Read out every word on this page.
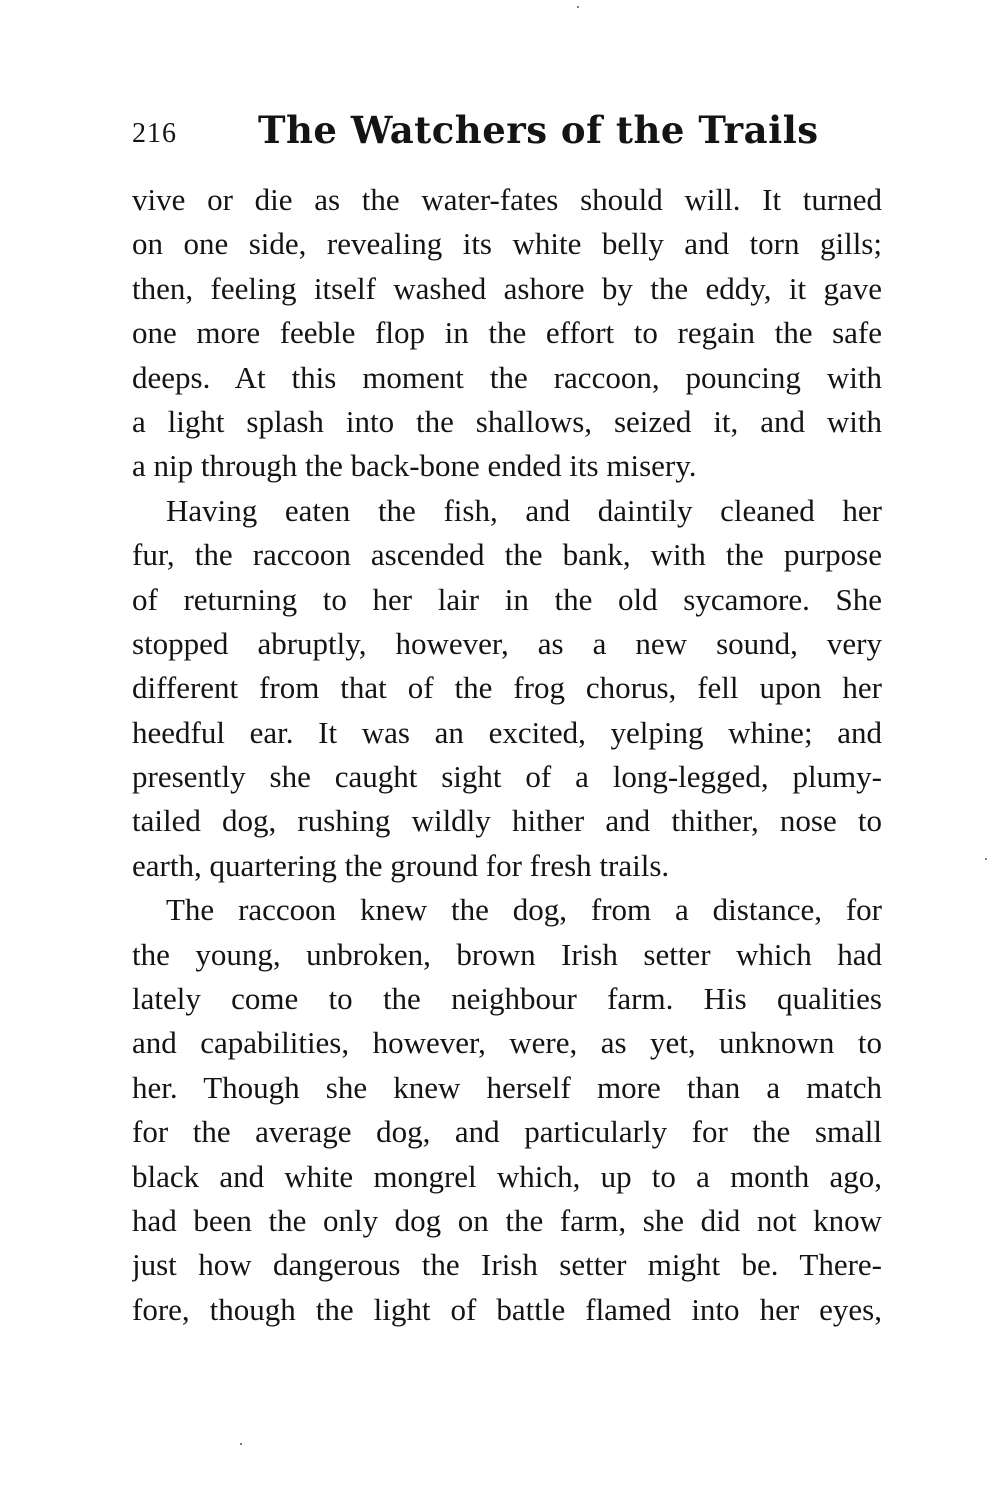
216 The Watchers of the Trails
vive or die as the water-fates should will. It turned
on one side, revealing its white belly and torn gills;
then, feeling itself washed ashore by the eddy, it gave
one more feeble flop in the effort to regain the safe
deeps. At this moment the raccoon, pouncing with
a light splash into the shallows, seized it, and with
a nip through the back-bone ended its misery.
Having eaten the fish, and daintily cleaned her
fur, the raccoon ascended the bank, with the purpose
of returning to her lair in the old sycamore. She
stopped abruptly, however, as a new sound, very
different from that of the frog chorus, fell upon her
heedful ear. It was an excited, yelping whine; and
presently she caught sight of a long-legged, plumy-
tailed dog, rushing wildly hither and thither, nose to
earth, quartering the ground for fresh trails.
The raccoon knew the dog, from a distance, for
the young, unbroken, brown Irish setter which had
lately come to the neighbour farm. His qualities
and capabilities, however, were, as yet, unknown to
her. Though she knew herself more than a match
for the average dog, and particularly for the small
black and white mongrel which, up to a month ago,
had been the only dog on the farm, she did not know
just how dangerous the Irish setter might be. There-
fore, though the light of battle flamed into her eyes,
